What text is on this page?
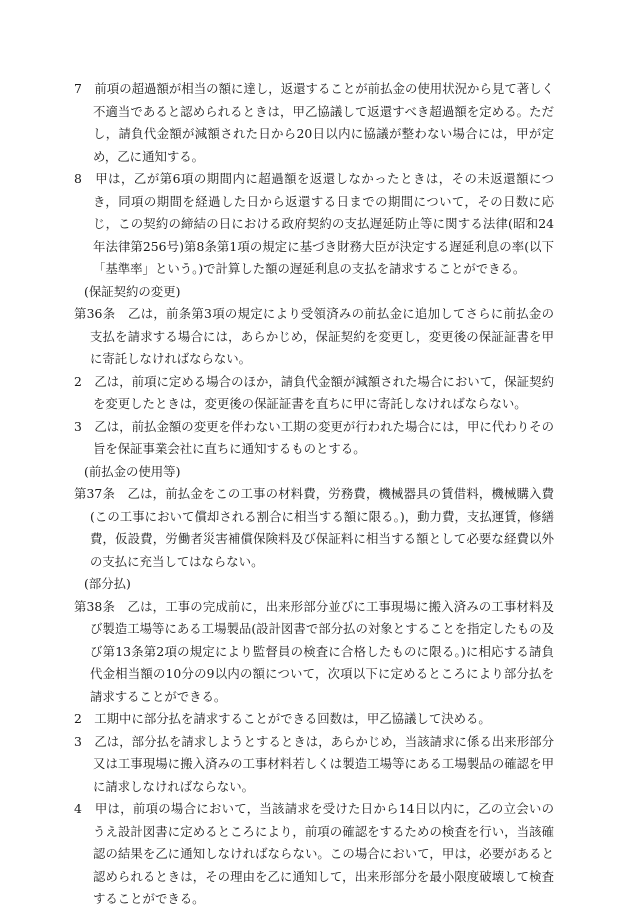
7　前項の超過額が相当の額に達し，返還することが前払金の使用状況から見て著しく不適当であると認められるときは，甲乙協議して返還すべき超過額を定める。ただし，請負代金額が減額された日から20日以内に協議が整わない場合には，甲が定め，乙に通知する。

8　甲は，乙が第6項の期間内に超過額を返還しなかったときは，その未返還額につき，同項の期間を経過した日から返還する日までの期間について，その日数に応じ，この契約の締結の日における政府契約の支払遅延防止等に関する法律(昭和24年法律第256号)第8条第1項の規定に基づき財務大臣が決定する遅延利息の率(以下「基準率」という。)で計算した額の遅延利息の支払を請求することができる。

(保証契約の変更)

第36条　乙は，前条第3項の規定により受領済みの前払金に追加してさらに前払金の支払を請求する場合には，あらかじめ，保証契約を変更し，変更後の保証証書を甲に寄託しなければならない。

2　乙は，前項に定める場合のほか，請負代金額が減額された場合において，保証契約を変更したときは，変更後の保証証書を直ちに甲に寄託しなければならない。

3　乙は，前払金額の変更を伴わない工期の変更が行われた場合には，甲に代わりその旨を保証事業会社に直ちに通知するものとする。

(前払金の使用等)

第37条　乙は，前払金をこの工事の材料費，労務費，機械器具の賃借料，機械購入費(この工事において償却される割合に相当する額に限る。)，動力費，支払運賃，修繕費，仮設費，労働者災害補償保険料及び保証料に相当する額として必要な経費以外の支払に充当してはならない。

(部分払)

第38条　乙は，工事の完成前に，出来形部分並びに工事現場に搬入済みの工事材料及び製造工場等にある工場製品(設計図書で部分払の対象とすることを指定したもの及び第13条第2項の規定により監督員の検査に合格したものに限る。)に相応する請負代金相当額の10分の9以内の額について，次項以下に定めるところにより部分払を請求することができる。

2　工期中に部分払を請求することができる回数は，甲乙協議して決める。

3　乙は，部分払を請求しようとするときは，あらかじめ，当該請求に係る出来形部分又は工事現場に搬入済みの工事材料若しくは製造工場等にある工場製品の確認を甲に請求しなければならない。

4　甲は，前項の場合において，当該請求を受けた日から14日以内に，乙の立会いのうえ設計図書に定めるところにより，前項の確認をするための検査を行い，当該確認の結果を乙に通知しなければならない。この場合において，甲は，必要があると認められるときは，その理由を乙に通知して，出来形部分を最小限度破壊して検査することができる。
